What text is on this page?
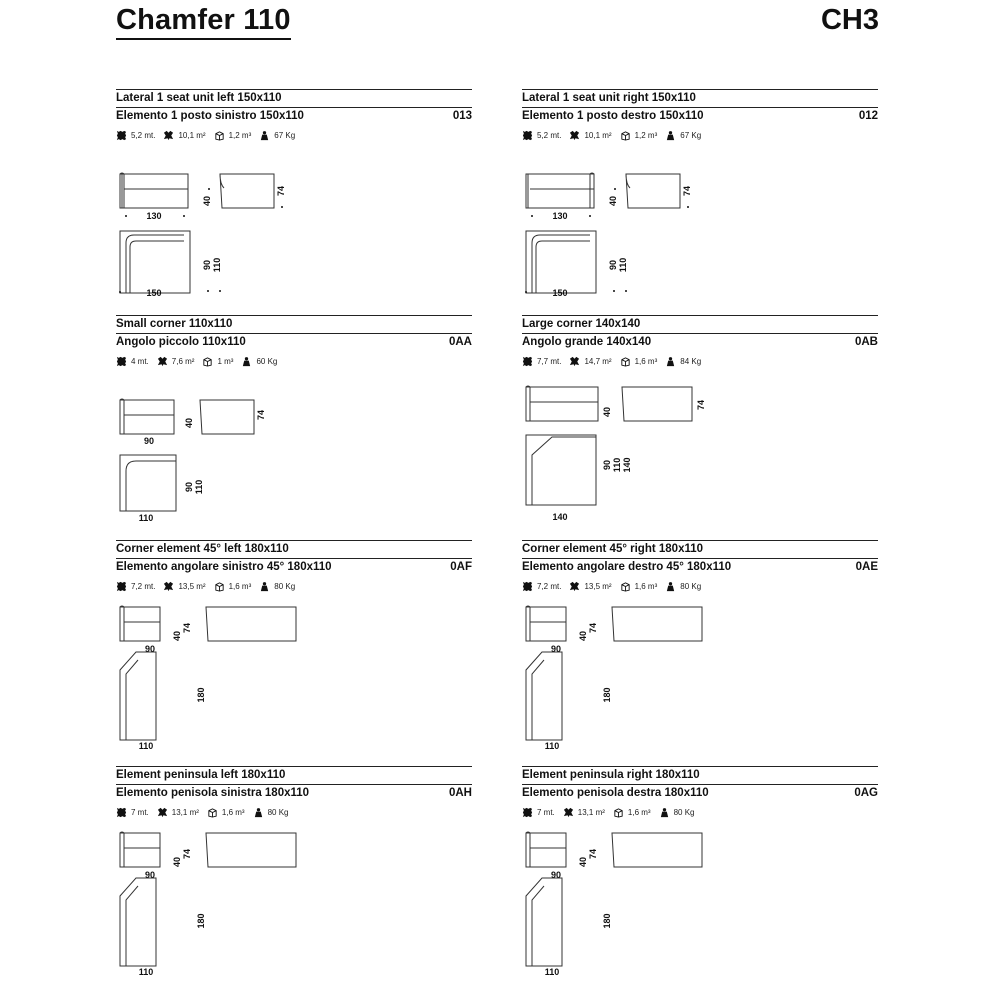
Chamfer 110	CH3
Lateral 1 seat unit left 150x110
Elemento 1 posto sinistro 150x110	013
5,2 mt.	10,1 m²	1,2 m³	67 Kg
130
40
74
150
90 110
Lateral 1 seat unit right 150x110
Elemento 1 posto destro 150x110	012
5,2 mt.	10,1 m²	1,2 m³	67 Kg
130
40
74
150
90 110
Small corner 110x110
Angolo piccolo 110x110	0AA
4 mt.	7,6 m²	1 m³	60 Kg
90
40
74
110
90 110
Large corner 140x140
Angolo grande 140x140	0AB
7,7 mt.	14,7 m²	1,6 m³	84 Kg
40
74
140
90 110 140
Corner element 45° left 180x110
Elemento angolare sinistro 45° 180x110	0AF
7,2 mt.	13,5 m²	1,6 m³	80 Kg
90
40
74
110
180
Corner element 45° right 180x110
Elemento angolare destro 45° 180x110	0AE
7,2 mt.	13,5 m²	1,6 m³	80 Kg
90
40
74
110
180
Element peninsula left 180x110
Elemento penisola sinistra 180x110	0AH
7 mt.	13,1 m²	1,6 m³	80 Kg
90
40
74
110
180
Element peninsula right 180x110
Elemento penisola destra 180x110	0AG
7 mt.	13,1 m²	1,6 m³	80 Kg
90
40
74
110
180
